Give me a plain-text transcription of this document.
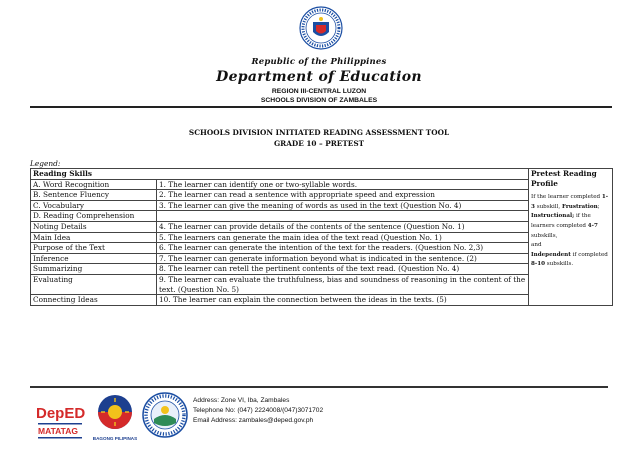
Republic of the Philippines
Department of Education
REGION III-CENTRAL LUZON
SCHOOLS DIVISION OF ZAMBALES
SCHOOLS DIVISION INITIATED READING ASSESSMENT TOOL
GRADE 10 – PRETEST
Legend:
Reading Skills		Pretest Reading
Profile
If the learner completed 1-3 subskill, Frustration; Instructional; if the learners completed 4-7 subskills,
and
Independent if completed 8-10 subskills.
A. Word Recognition	1. The learner can identify one or two-syllable words.	
B. Sentence Fluency	2. The learner can read a sentence with appropriate speed and expression	
C. Vocabulary	3. The learner can give the meaning of words as used in the text (Question No. 4)	
D. Reading Comprehension		
Noting Details	4. The learner can provide details of the contents of the sentence (Question No. 1)	
Main Idea	5. The learners can generate the main idea of the text read (Question No. 1)	
Purpose of the Text	6. The learner can generate the intention of the text for the readers. (Question No. 2,3)	
Inference	7. The learner can generate information beyond what is indicated in the sentence. (2)	
Summarizing	8. The learner can retell the pertinent contents of the text read. (Question No. 4)	
Evaluating	9. The learner can evaluate the truthfulness, bias and soundness of reasoning in the content of the text. (Question No. 5)	
Connecting Ideas	10. The learner can explain the connection between the ideas in the texts. (5)	
DepED
MATATAG
BAGONG PILIPINAS
Address: Zone VI, Iba, Zambales
Telephone No: (047) 2224008/(047)3071702
Email Address: zambales@deped.gov.ph
